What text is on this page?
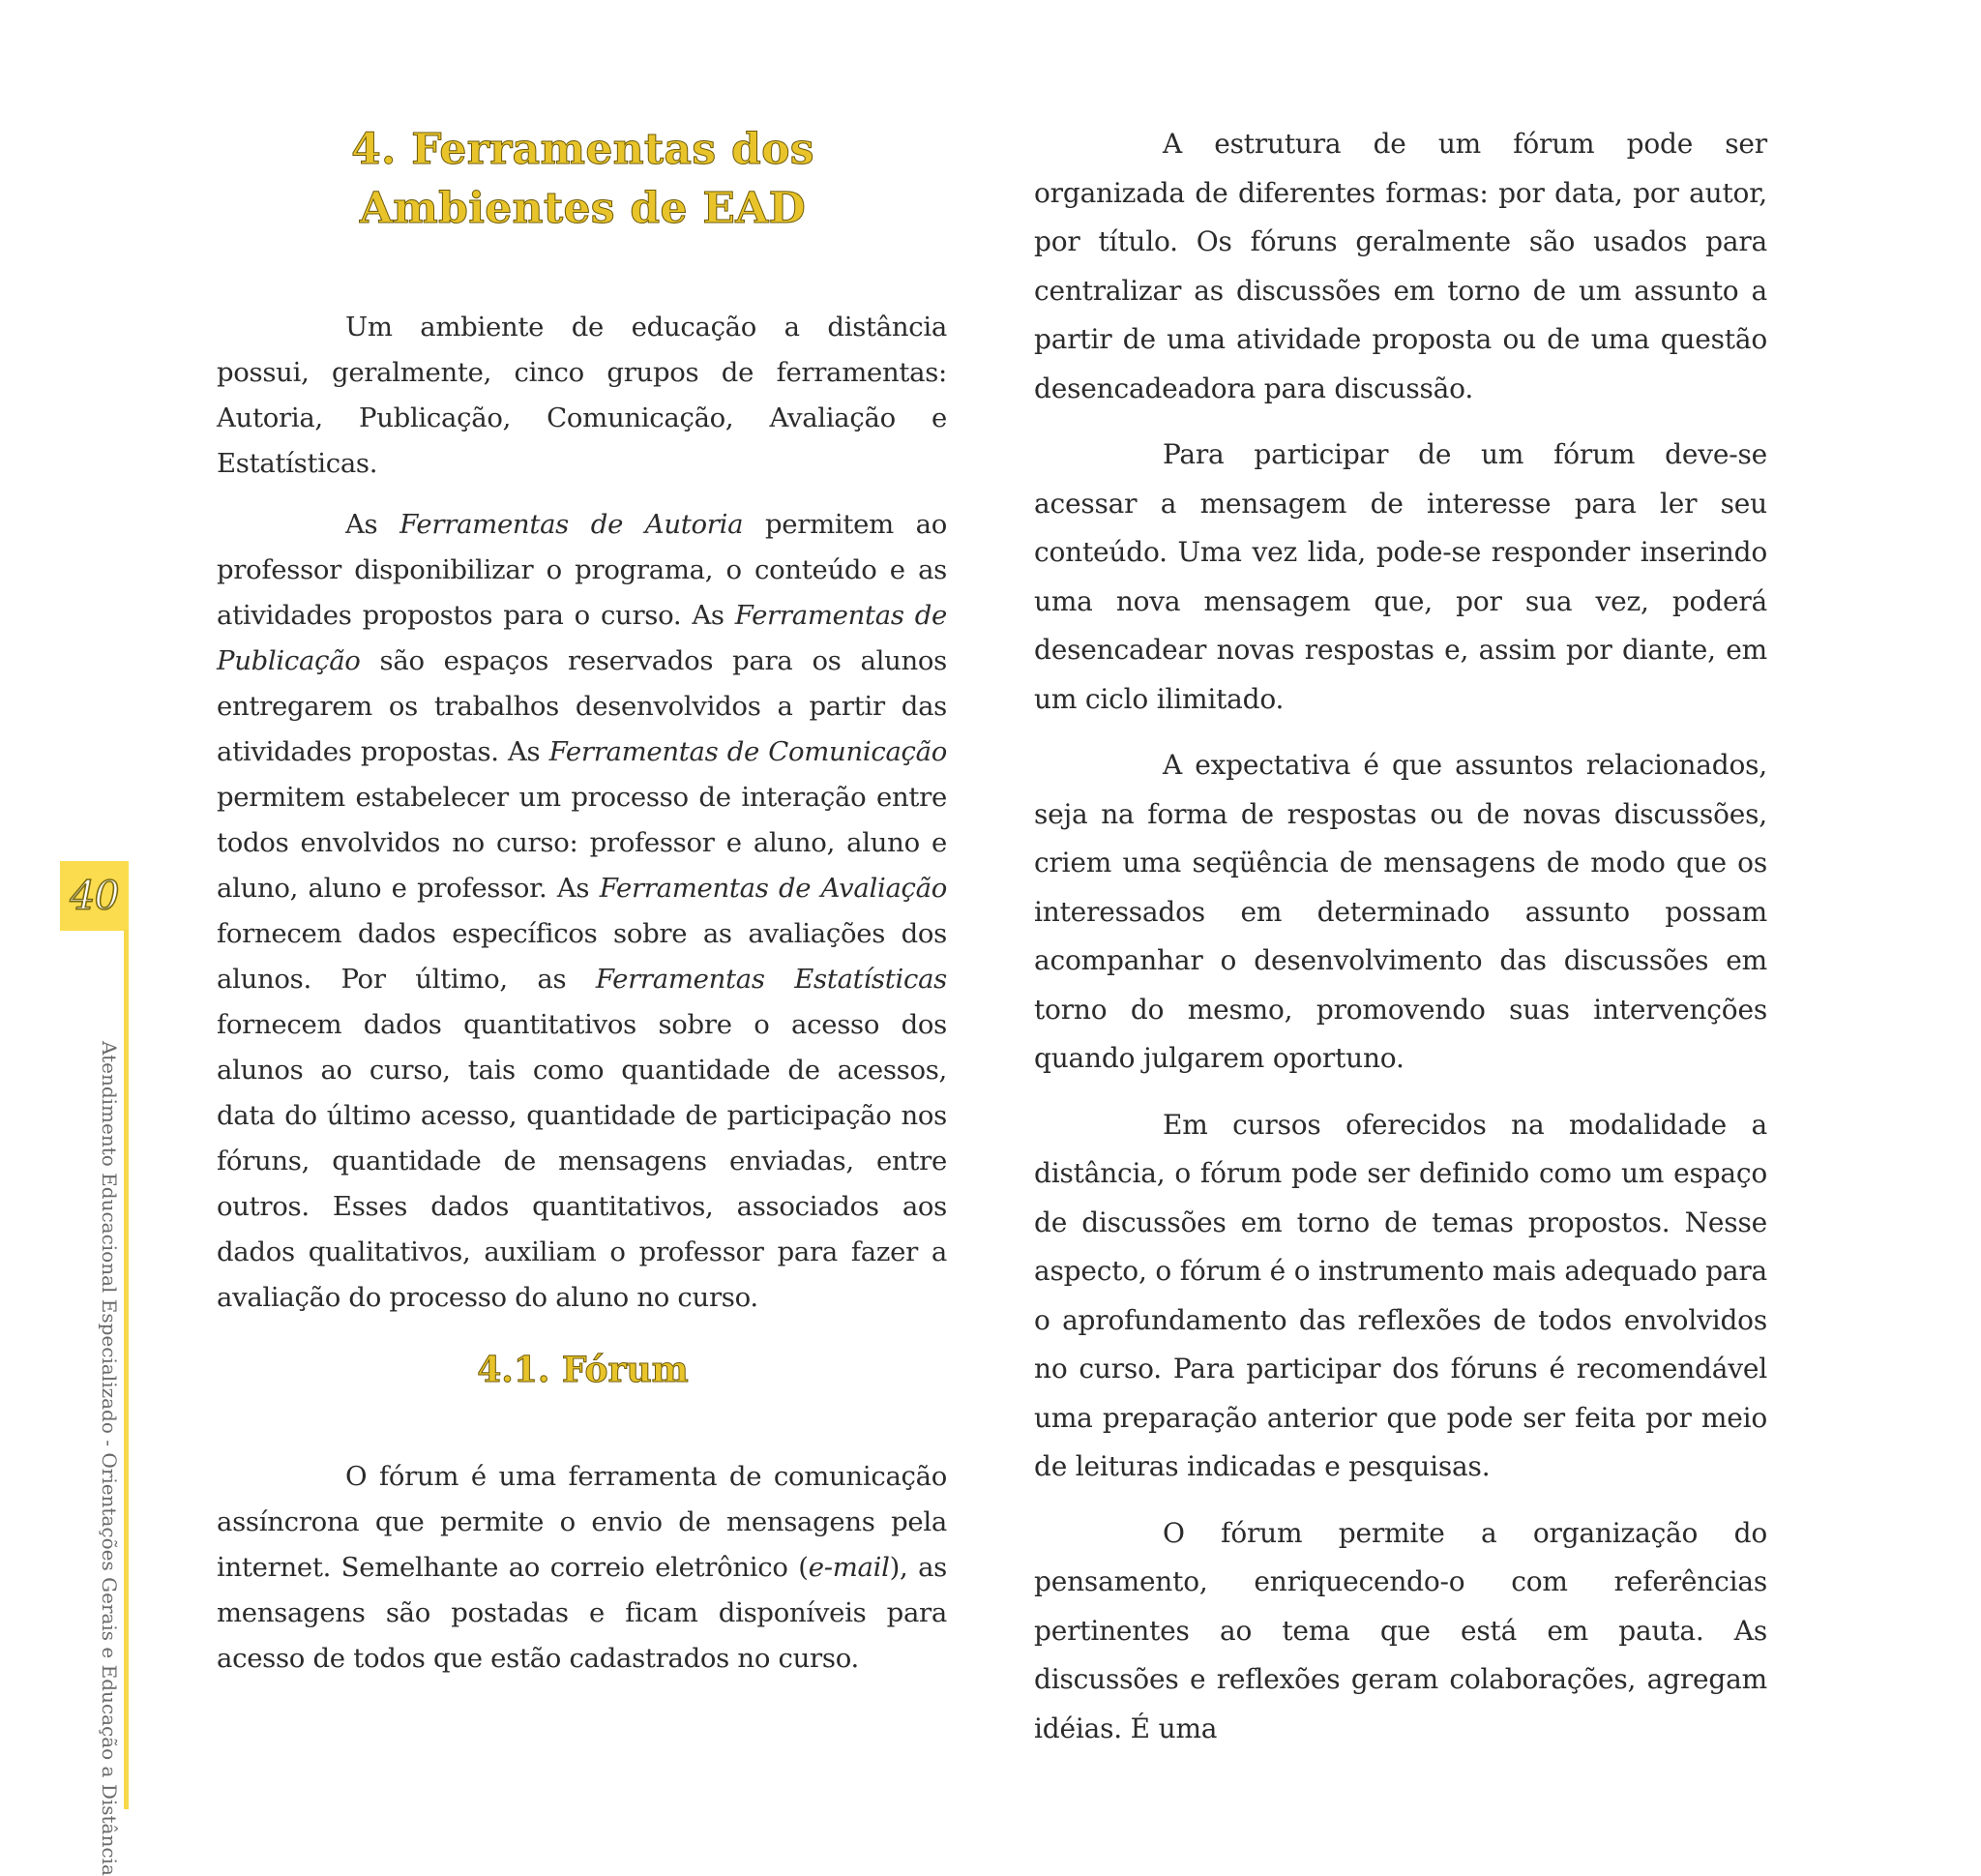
40
Atendimento Educacional Especializado - Orientações Gerais e Educação a Distância
4. Ferramentas dos Ambientes de EAD

Um ambiente de educação a distância possui, geralmente, cinco grupos de ferramentas: Autoria, Publicação, Comunicação, Avaliação e Estatísticas.

As Ferramentas de Autoria permitem ao professor disponibilizar o programa, o conteúdo e as atividades propostos para o curso. As Ferramentas de Publicação são espaços reservados para os alunos entregarem os trabalhos desenvolvidos a partir das atividades propostas. As Ferramentas de Comunicação permitem estabelecer um processo de interação entre todos envolvidos no curso: professor e aluno, aluno e aluno, aluno e professor. As Ferramentas de Avaliação fornecem dados específicos sobre as avaliações dos alunos. Por último, as Ferramentas Estatísticas fornecem dados quantitativos sobre o acesso dos alunos ao curso, tais como quantidade de acessos, data do último acesso, quantidade de participação nos fóruns, quantidade de mensagens enviadas, entre outros. Esses dados quantitativos, associados aos dados qualitativos, auxiliam o professor para fazer a avaliação do processo do aluno no curso.

4.1. Fórum

O fórum é uma ferramenta de comunicação assíncrona que permite o envio de mensagens pela internet. Semelhante ao correio eletrônico (e-mail), as mensagens são postadas e ficam disponíveis para acesso de todos que estão cadastrados no curso.

A estrutura de um fórum pode ser organizada de diferentes formas: por data, por autor, por título. Os fóruns geralmente são usados para centralizar as discussões em torno de um assunto a partir de uma atividade proposta ou de uma questão desencadeadora para discussão.

Para participar de um fórum deve-se acessar a mensagem de interesse para ler seu conteúdo. Uma vez lida, pode-se responder inserindo uma nova mensagem que, por sua vez, poderá desencadear novas respostas e, assim por diante, em um ciclo ilimitado.

A expectativa é que assuntos relacionados, seja na forma de respostas ou de novas discussões, criem uma seqüência de mensagens de modo que os interessados em determinado assunto possam acompanhar o desenvolvimento das discussões em torno do mesmo, promovendo suas intervenções quando julgarem oportuno.

Em cursos oferecidos na modalidade a distância, o fórum pode ser definido como um espaço de discussões em torno de temas propostos. Nesse aspecto, o fórum é o instrumento mais adequado para o aprofundamento das reflexões de todos envolvidos no curso. Para participar dos fóruns é recomendável uma preparação anterior que pode ser feita por meio de leituras indicadas e pesquisas.

O fórum permite a organização do pensamento, enriquecendo-o com referências pertinentes ao tema que está em pauta. As discussões e reflexões geram colaborações, agregam idéias. É uma
